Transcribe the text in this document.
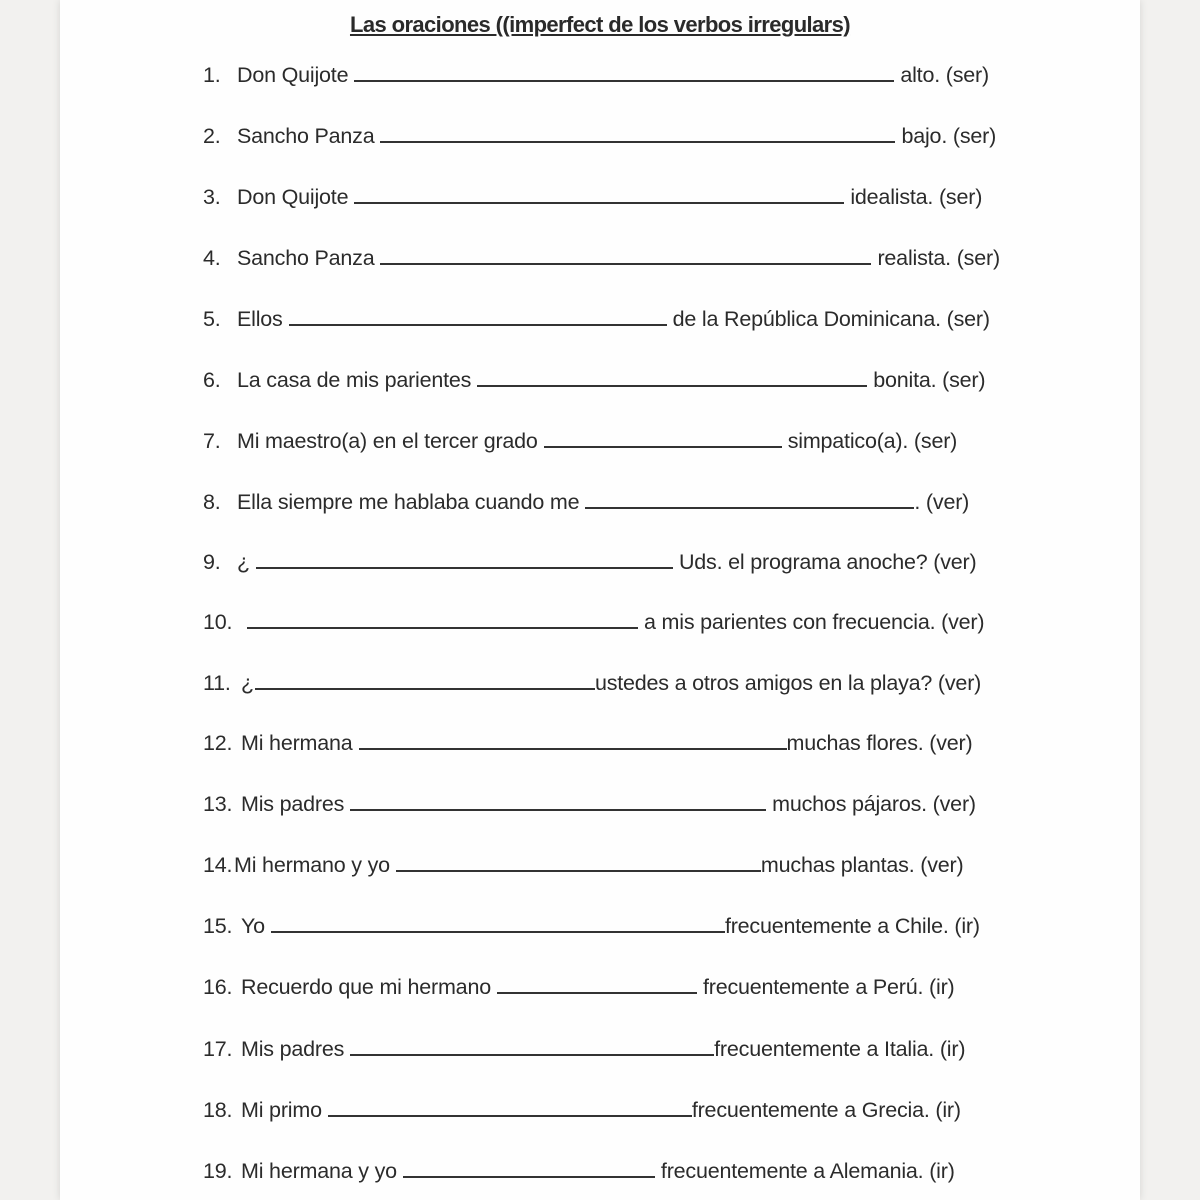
Las oraciones ((imperfect de los verbos irregulars)
1. Don Quijote	alto. (ser)
2. Sancho Panza	bajo. (ser)
3. Don Quijote	idealista. (ser)
4. Sancho Panza	realista. (ser)
5. Ellos	de la República Dominicana. (ser)
6. La casa de mis parientes	bonita. (ser)
7. Mi maestro(a) en el tercer grado	simpatico(a). (ser)
8. Ella siempre me hablaba cuando me	. (ver)
9. ¿	Uds. el programa anoche? (ver)
10.	a mis parientes con frecuencia. (ver)
11. ¿	ustedes a otros amigos en la playa? (ver)
12. Mi hermana	muchas flores. (ver)
13. Mis padres	muchos pájaros. (ver)
14. Mi hermano y yo	muchas plantas. (ver)
15. Yo	frecuentemente a Chile. (ir)
16. Recuerdo que mi hermano	frecuentemente a Perú. (ir)
17. Mis padres	frecuentemente a Italia. (ir)
18. Mi primo	frecuentemente a Grecia. (ir)
19. Mi hermana y yo	frecuentemente a Alemania. (ir)
